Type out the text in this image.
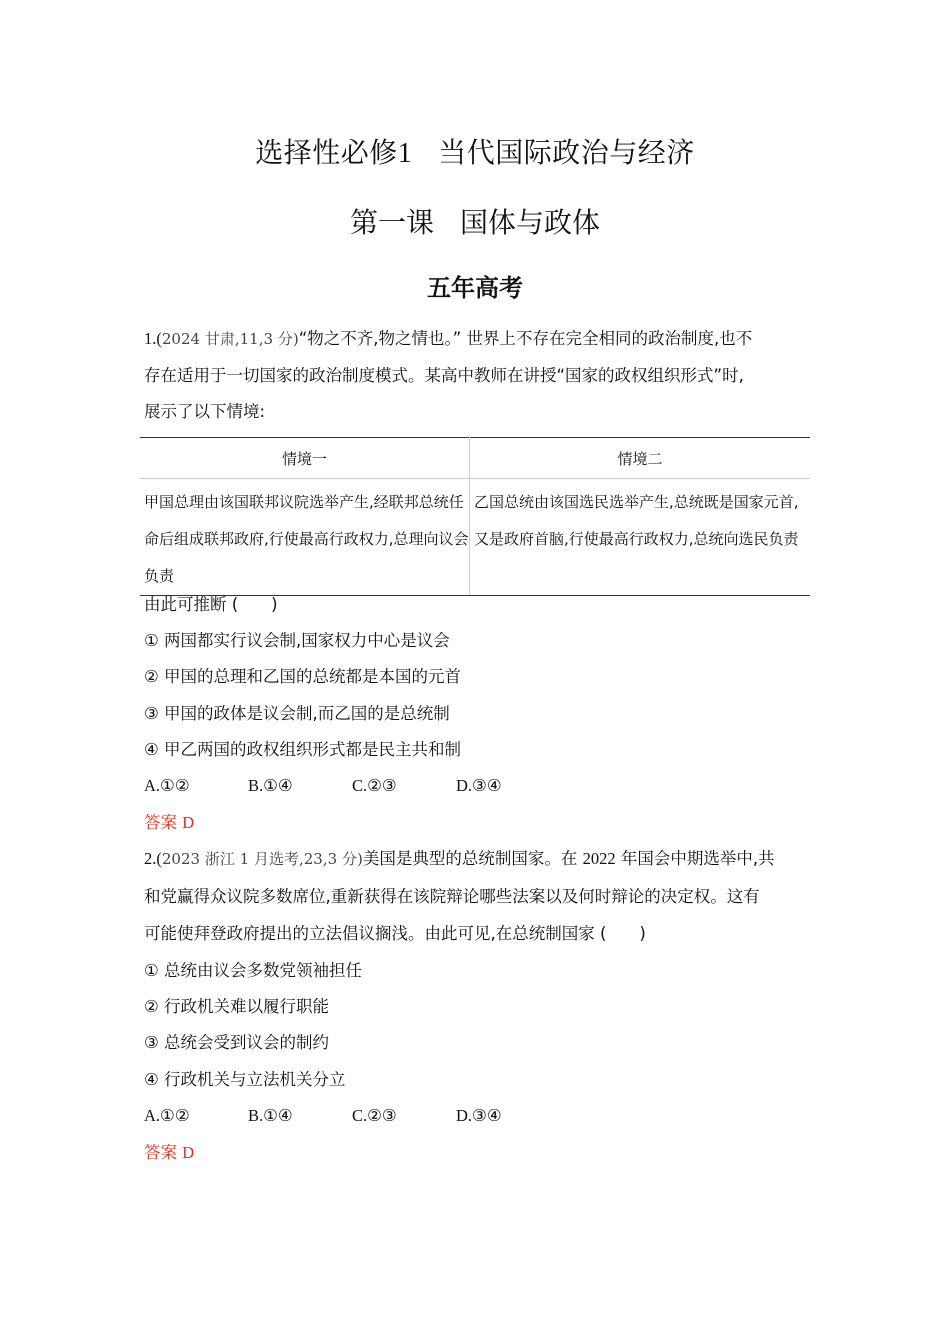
选择性必修1 当代国际政治与经济
第一课 国体与政体
五年高考
1.(2024 甘肃,11,3 分)“物之不齐,物之情也。” 世界上不存在完全相同的政治制度,也不
存在适用于一切国家的政治制度模式。某高中教师在讲授“国家的政权组织形式”时,
展示了以下情境:
情境一	情境二
甲国总理由该国联邦议院选举产生,经联邦总统任命后组成联邦政府,行使最高行政权力,总理向议会负责	乙国总统由该国选民选举产生,总统既是国家元首,又是政府首脑,行使最高行政权力,总统向选民负责
由此可推断 (　　)
① 两国都实行议会制,国家权力中心是议会
② 甲国的总理和乙国的总统都是本国的元首
③ 甲国的政体是议会制,而乙国的是总统制
④ 甲乙两国的政权组织形式都是民主共和制
A.①②	B.①④	C.②③	D.③④
答案 D
2.(2023 浙江 1 月选考,23,3 分)美国是典型的总统制国家。在 2022 年国会中期选举中,共
和党赢得众议院多数席位,重新获得在该院辩论哪些法案以及何时辩论的决定权。这有
可能使拜登政府提出的立法倡议搁浅。由此可见,在总统制国家 (　　)
① 总统由议会多数党领袖担任
② 行政机关难以履行职能
③ 总统会受到议会的制约
④ 行政机关与立法机关分立
A.①②	B.①④	C.②③	D.③④
答案 D
